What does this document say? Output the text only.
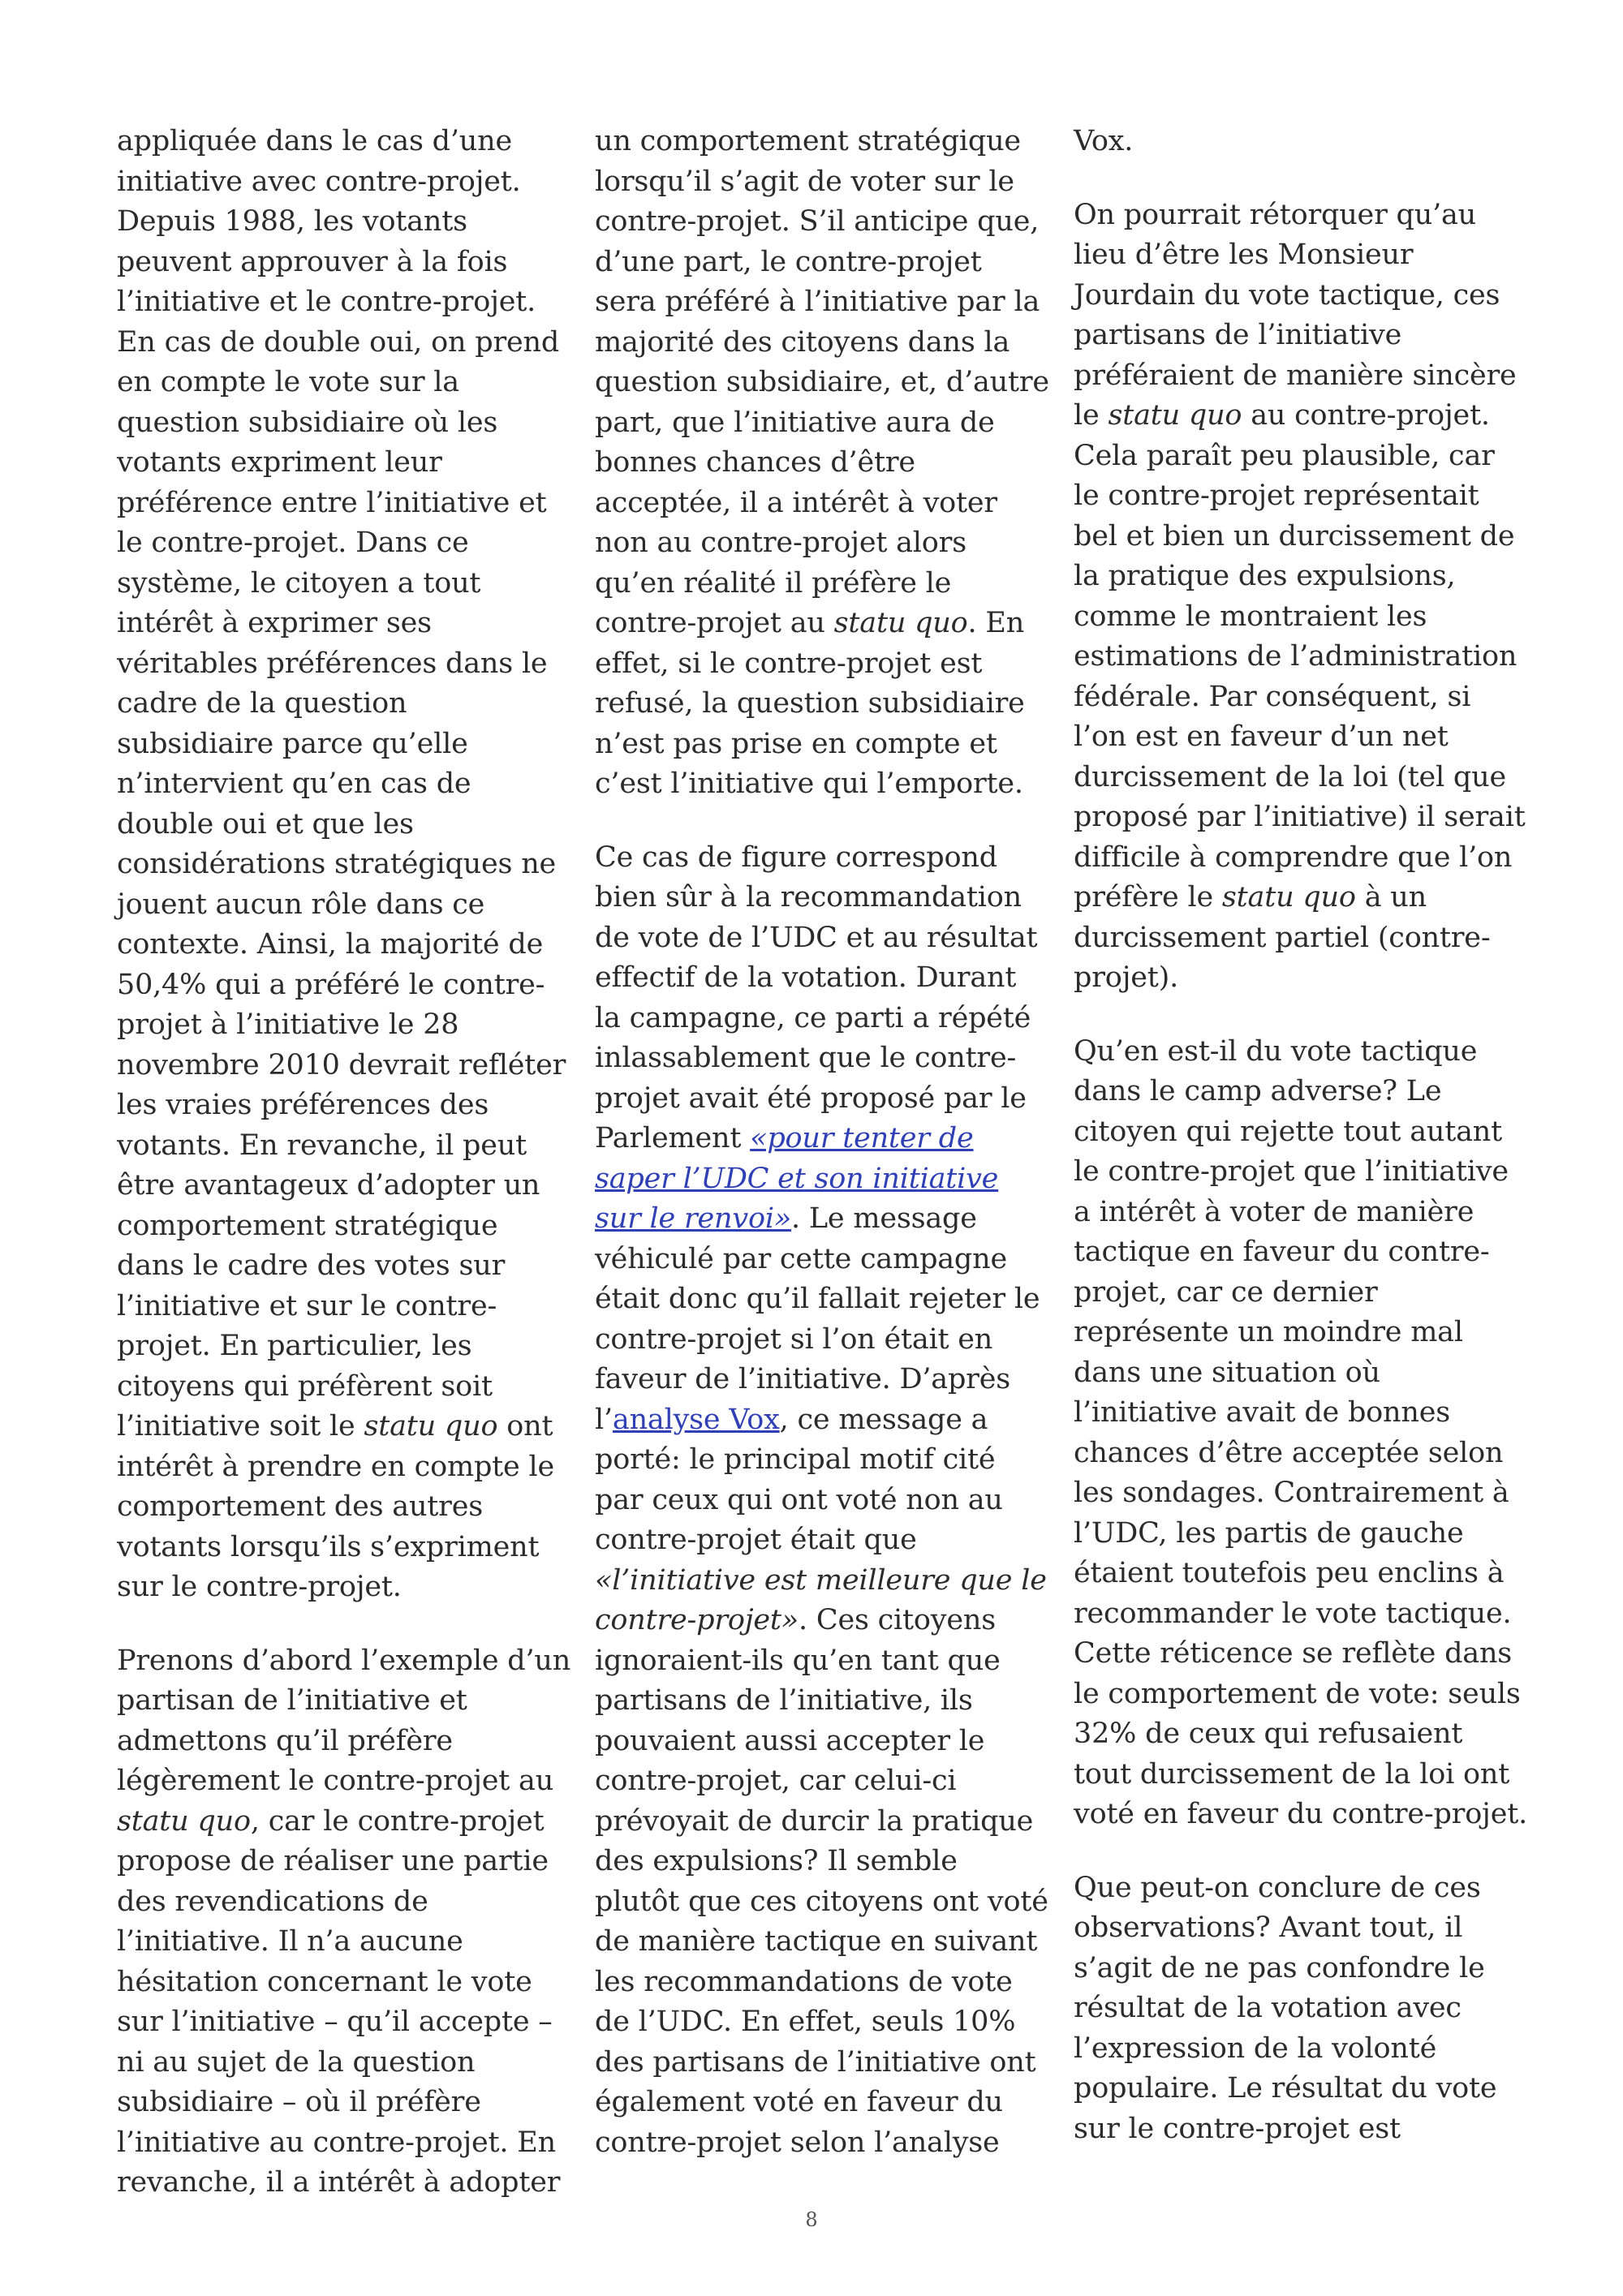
appliquée dans le cas d’une initiative avec contre-projet. Depuis 1988, les votants peuvent approuver à la fois l’initiative et le contre-projet. En cas de double oui, on prend en compte le vote sur la question subsidiaire où les votants expriment leur préférence entre l’initiative et le contre-projet. Dans ce système, le citoyen a tout intérêt à exprimer ses véritables préférences dans le cadre de la question subsidiaire parce qu’elle n’intervient qu’en cas de double oui et que les considérations stratégiques ne jouent aucun rôle dans ce contexte. Ainsi, la majorité de 50,4% qui a préféré le contre-projet à l’initiative le 28 novembre 2010 devrait refléter les vraies préférences des votants. En revanche, il peut être avantageux d’adopter un comportement stratégique dans le cadre des votes sur l’initiative et sur le contre-projet. En particulier, les citoyens qui préfèrent soit l’initiative soit le statu quo ont intérêt à prendre en compte le comportement des autres votants lorsqu’ils s’expriment sur le contre-projet.

Prenons d’abord l’exemple d’un partisan de l’initiative et admettons qu’il préfère légèrement le contre-projet au statu quo, car le contre-projet propose de réaliser une partie des revendications de l’initiative. Il n’a aucune hésitation concernant le vote sur l’initiative – qu’il accepte – ni au sujet de la question subsidiaire – où il préfère l’initiative au contre-projet. En revanche, il a intérêt à adopter

un comportement stratégique lorsqu’il s’agit de voter sur le contre-projet. S’il anticipe que, d’une part, le contre-projet sera préféré à l’initiative par la majorité des citoyens dans la question subsidiaire, et, d’autre part, que l’initiative aura de bonnes chances d’être acceptée, il a intérêt à voter non au contre-projet alors qu’en réalité il préfère le contre-projet au statu quo. En effet, si le contre-projet est refusé, la question subsidiaire n’est pas prise en compte et c’est l’initiative qui l’emporte.

Ce cas de figure correspond bien sûr à la recommandation de vote de l’UDC et au résultat effectif de la votation. Durant la campagne, ce parti a répété inlassablement que le contre-projet avait été proposé par le Parlement «pour tenter de saper l’UDC et son initiative sur le renvoi». Le message véhiculé par cette campagne était donc qu’il fallait rejeter le contre-projet si l’on était en faveur de l’initiative. D’après l’analyse Vox, ce message a porté: le principal motif cité par ceux qui ont voté non au contre-projet était que «l’initiative est meilleure que le contre-projet». Ces citoyens ignoraient-ils qu’en tant que partisans de l’initiative, ils pouvaient aussi accepter le contre-projet, car celui-ci prévoyait de durcir la pratique des expulsions? Il semble plutôt que ces citoyens ont voté de manière tactique en suivant les recommandations de vote de l’UDC. En effet, seuls 10% des partisans de l’initiative ont également voté en faveur du contre-projet selon l’analyse

Vox.

On pourrait rétorquer qu’au lieu d’être les Monsieur Jourdain du vote tactique, ces partisans de l’initiative préféraient de manière sincère le statu quo au contre-projet. Cela paraît peu plausible, car le contre-projet représentait bel et bien un durcissement de la pratique des expulsions, comme le montraient les estimations de l’administration fédérale. Par conséquent, si l’on est en faveur d’un net durcissement de la loi (tel que proposé par l’initiative) il serait difficile à comprendre que l’on préfère le statu quo à un durcissement partiel (contre-projet).

Qu’en est-il du vote tactique dans le camp adverse? Le citoyen qui rejette tout autant le contre-projet que l’initiative a intérêt à voter de manière tactique en faveur du contre-projet, car ce dernier représente un moindre mal dans une situation où l’initiative avait de bonnes chances d’être acceptée selon les sondages. Contrairement à l’UDC, les partis de gauche étaient toutefois peu enclins à recommander le vote tactique. Cette réticence se reflète dans le comportement de vote: seuls 32% de ceux qui refusaient tout durcissement de la loi ont voté en faveur du contre-projet.

Que peut-on conclure de ces observations? Avant tout, il s’agit de ne pas confondre le résultat de la votation avec l’expression de la volonté populaire. Le résultat du vote sur le contre-projet est

8
